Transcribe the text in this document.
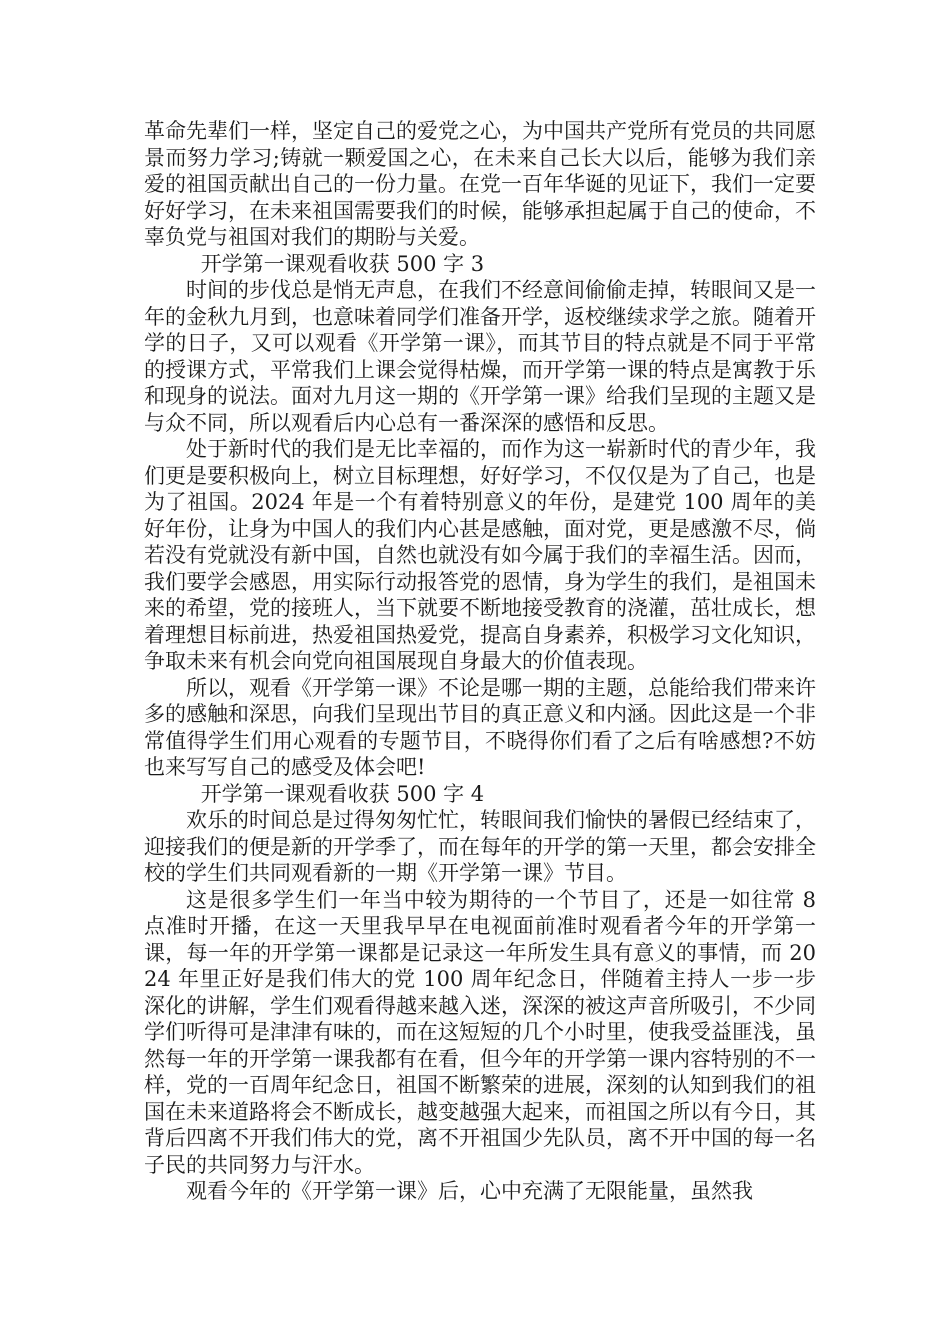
革命先辈们一样，坚定自己的爱党之心，为中国共产党所有党员的共同愿景而努力学习;铸就一颗爱国之心，在未来自己长大以后，能够为我们亲爱的祖国贡献出自己的一份力量。在党一百年华诞的见证下，我们一定要好好学习，在未来祖国需要我们的时候，能够承担起属于自己的使命，不辜负党与祖国对我们的期盼与关爱。

开学第一课观看收获 500 字 3

时间的步伐总是悄无声息，在我们不经意间偷偷走掉，转眼间又是一年的金秋九月到，也意味着同学们准备开学，返校继续求学之旅。随着开学的日子，又可以观看《开学第一课》，而其节目的特点就是不同于平常的授课方式，平常我们上课会觉得枯燥，而开学第一课的特点是寓教于乐和现身的说法。面对九月这一期的《开学第一课》给我们呈现的主题又是与众不同，所以观看后内心总有一番深深的感悟和反思。

处于新时代的我们是无比幸福的，而作为这一崭新时代的青少年，我们更是要积极向上，树立目标理想，好好学习，不仅仅是为了自己，也是为了祖国。2024 年是一个有着特别意义的年份，是建党 100 周年的美好年份，让身为中国人的我们内心甚是感触，面对党，更是感激不尽，倘若没有党就没有新中国，自然也就没有如今属于我们的幸福生活。因而，我们要学会感恩，用实际行动报答党的恩情，身为学生的我们，是祖国未来的希望，党的接班人，当下就要不断地接受教育的浇灌，茁壮成长，想着理想目标前进，热爱祖国热爱党，提高自身素养，积极学习文化知识，争取未来有机会向党向祖国展现自身最大的价值表现。

所以，观看《开学第一课》不论是哪一期的主题，总能给我们带来许多的感触和深思，向我们呈现出节目的真正意义和内涵。因此这是一个非常值得学生们用心观看的专题节目，不晓得你们看了之后有啥感想?不妨也来写写自己的感受及体会吧!

开学第一课观看收获 500 字 4

欢乐的时间总是过得匆匆忙忙，转眼间我们愉快的暑假已经结束了，迎接我们的便是新的开学季了，而在每年的开学的第一天里，都会安排全校的学生们共同观看新的一期《开学第一课》节目。

这是很多学生们一年当中较为期待的一个节目了，还是一如往常 8 点准时开播，在这一天里我早早在电视面前准时观看者今年的开学第一课，每一年的开学第一课都是记录这一年所发生具有意义的事情，而 2024 年里正好是我们伟大的党 100 周年纪念日，伴随着主持人一步一步深化的讲解，学生们观看得越来越入迷，深深的被这声音所吸引，不少同学们听得可是津津有味的，而在这短短的几个小时里，使我受益匪浅，虽然每一年的开学第一课我都有在看，但今年的开学第一课内容特别的不一样，党的一百周年纪念日，祖国不断繁荣的进展，深刻的认知到我们的祖国在未来道路将会不断成长，越变越强大起来，而祖国之所以有今日，其背后四离不开我们伟大的党，离不开祖国少先队员，离不开中国的每一名子民的共同努力与汗水。

观看今年的《开学第一课》后，心中充满了无限能量，虽然我
